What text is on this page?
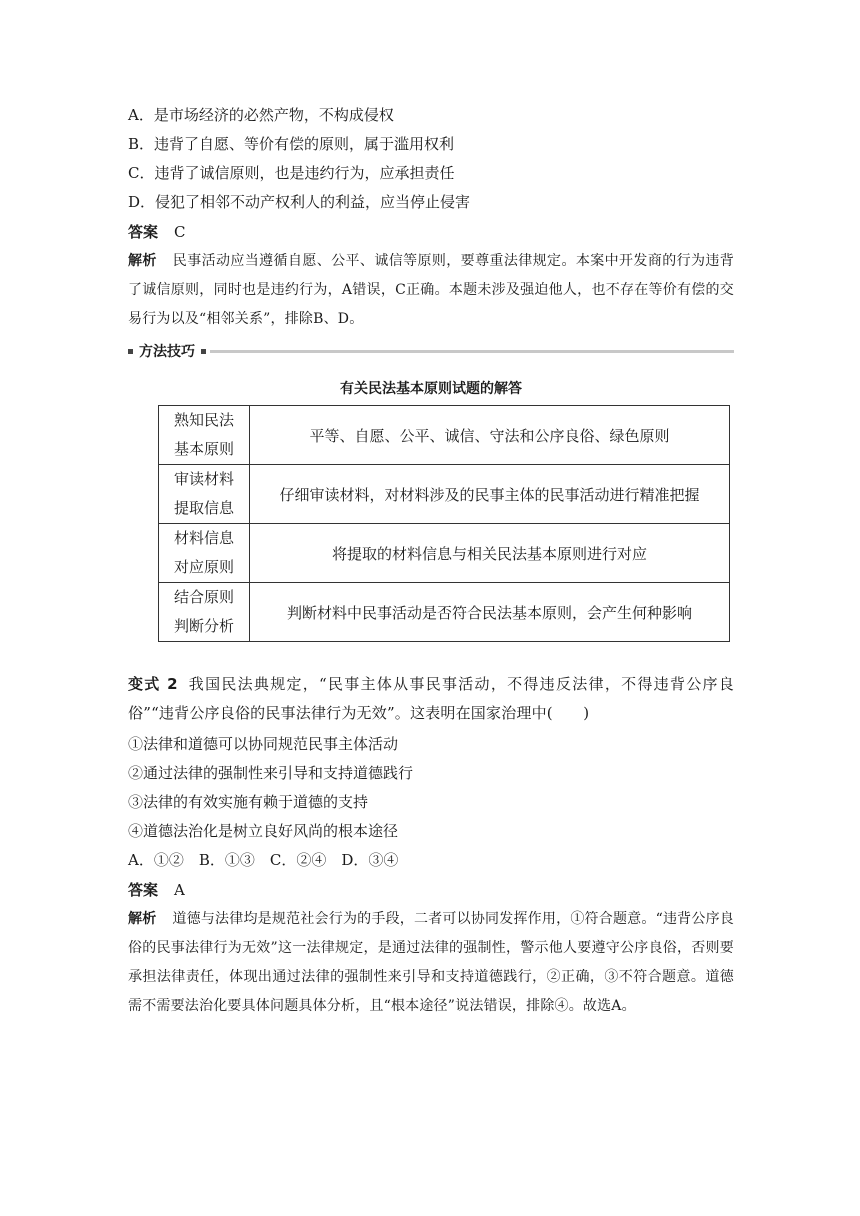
A．是市场经济的必然产物，不构成侵权
B．违背了自愿、等价有偿的原则，属于滥用权利
C．违背了诚信原则，也是违约行为，应承担责任
D．侵犯了相邻不动产权利人的利益，应当停止侵害
答案 C
解析 民事活动应当遵循自愿、公平、诚信等原则，要尊重法律规定。本案中开发商的行为违背了诚信原则，同时也是违约行为，A错误，C正确。本题未涉及强迫他人，也不存在等价有偿的交易行为以及“相邻关系”，排除B、D。
方法技巧
有关民法基本原则试题的解答
熟知民法
基本原则	平等、自愿、公平、诚信、守法和公序良俗、绿色原则
审读材料
提取信息	仔细审读材料，对材料涉及的民事主体的民事活动进行精准把握
材料信息
对应原则	将提取的材料信息与相关民法基本原则进行对应
结合原则
判断分析	判断材料中民事活动是否符合民法基本原则，会产生何种影响
变式 2 我国民法典规定，“民事主体从事民事活动，不得违反法律，不得违背公序良俗”“违背公序良俗的民事法律行为无效”。这表明在国家治理中(　　)
①法律和道德可以协同规范民事主体活动
②通过法律的强制性来引导和支持道德践行
③法律的有效实施有赖于道德的支持
④道德法治化是树立良好风尚的根本途径
A．①②　B．①③　C．②④　D．③④
答案 A
解析 道德与法律均是规范社会行为的手段，二者可以协同发挥作用，①符合题意。“违背公序良俗的民事法律行为无效”这一法律规定，是通过法律的强制性，警示他人要遵守公序良俗，否则要承担法律责任，体现出通过法律的强制性来引导和支持道德践行，②正确，③不符合题意。道德需不需要法治化要具体问题具体分析，且“根本途径”说法错误，排除④。故选A。
